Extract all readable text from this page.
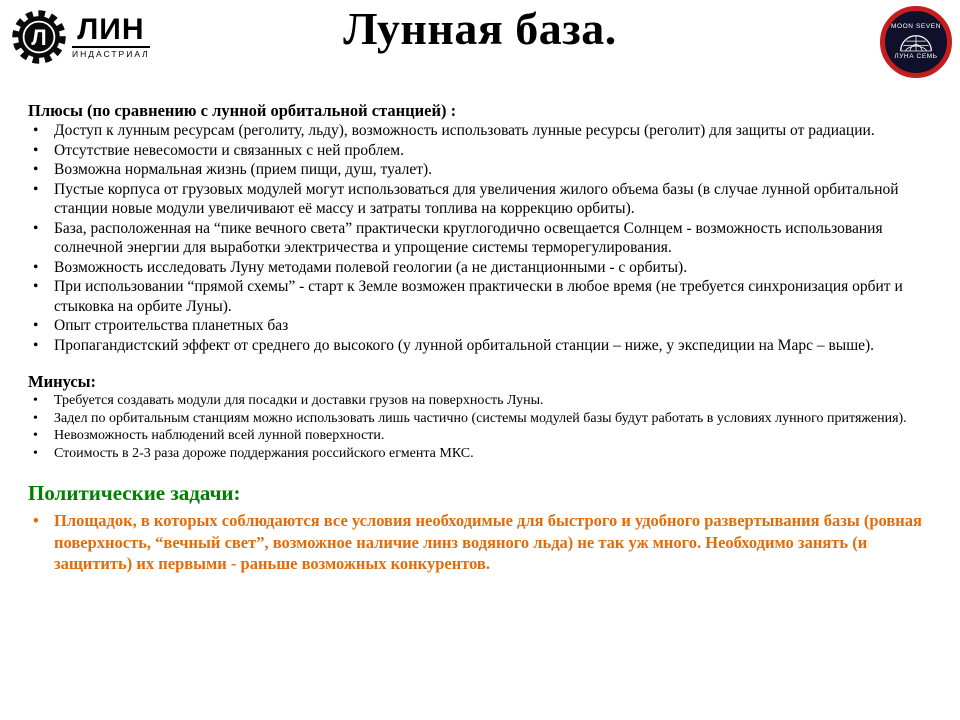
Л ЛИН
ИНДАСТРИАЛ	Лунная база.	MOON SEVEN
ЛУНА СЕМЬ
Плюсы (по сравнению с лунной орбитальной станцией) :
• Доступ к лунным ресурсам (реголиту, льду), возможность использовать лунные ресурсы (реголит) для защиты от радиации.
• Отсутствие невесомости и связанных с ней проблем.
• Возможна нормальная жизнь (прием пищи, душ, туалет).
• Пустые корпуса от грузовых модулей могут использоваться для увеличения жилого объема базы (в случае лунной орбитальной станции новые модули увеличивают её массу и затраты топлива на коррекцию орбиты).
• База, расположенная на “пике вечного света” практически круглогодично освещается Солнцем - возможность использования солнечной энергии для выработки электричества и упрощение системы терморегулирования.
• Возможность исследовать Луну методами полевой геологии (а не дистанционными - с орбиты).
• При использовании “прямой схемы” - старт к Земле возможен практически в любое время (не требуется синхронизация орбит и стыковка на орбите Луны).
• Опыт строительства планетных баз
• Пропагандистский эффект от среднего до высокого (у лунной орбитальной станции – ниже, у экспедиции на Марс – выше).
Минусы:
• Требуется создавать модули для посадки и доставки грузов на поверхность Луны.
• Задел по орбитальным станциям можно использовать лишь частично (системы модулей базы будут работать в условиях лунного притяжения).
• Невозможность наблюдений всей лунной поверхности.
• Стоимость в 2-3 раза дороже поддержания российского егмента МКС.
Политические задачи:
• Площадок, в которых соблюдаются все условия необходимые для быстрого и удобного развертывания базы (ровная поверхность, “вечный свет”, возможное наличие линз водяного льда) не так уж много. Необходимо занять (и защитить) их первыми - раньше возможных конкурентов.
